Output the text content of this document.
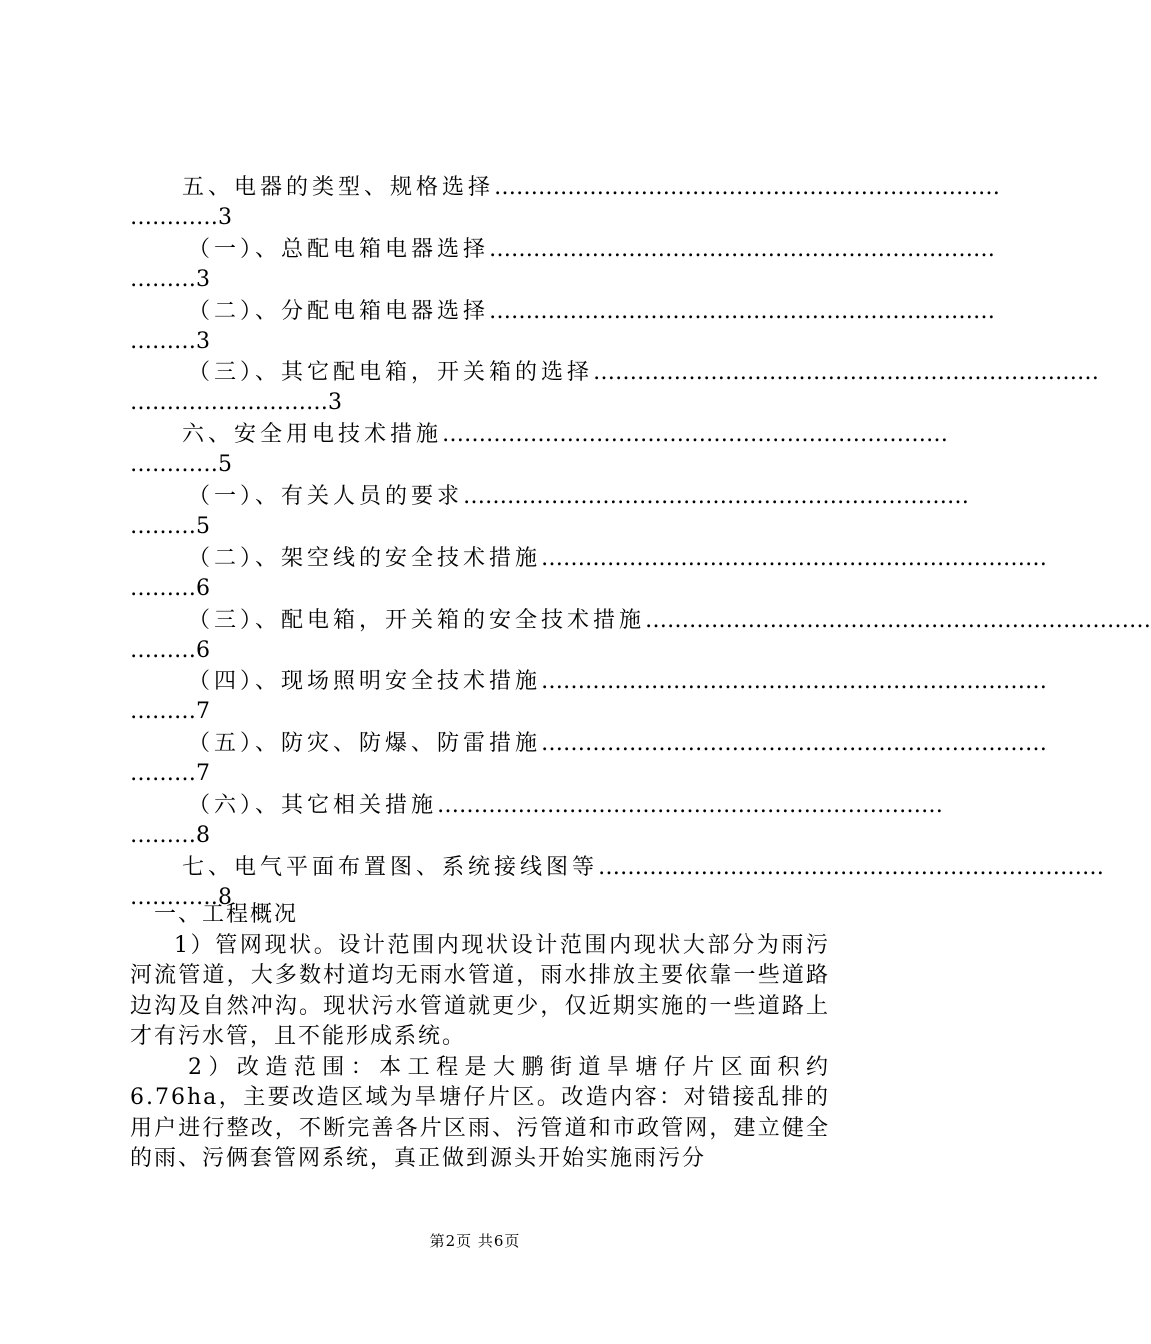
五、电器的类型、规格选择 ……………………………………………………………
…………3
（一）、总配电箱电器选择 ……………………………………………………………
………3
（二）、分配电箱电器选择 ……………………………………………………………
………3
（三）、其它配电箱，开关箱的选择 ……………………………………………………………
………………………3
六、安全用电技术措施 ……………………………………………………………
…………5
（一）、有关人员的要求 ……………………………………………………………
………5
（二）、架空线的安全技术措施 ……………………………………………………………
………6
（三）、配电箱，开关箱的安全技术措施 ……………………………………………………………
………6
（四）、现场照明安全技术措施 ……………………………………………………………
………7
（五）、防灾、防爆、防雷措施 ……………………………………………………………
………7
（六）、其它相关措施 ……………………………………………………………
………8
七、电气平面布置图、系统接线图等 ……………………………………………………………
…………8

一、工程概况

1）管网现状。设计范围内现状设计范围内现状大部分为雨污河流管道，大多数村道均无雨水管道，雨水排放主要依靠一些道路边沟及自然冲沟。现状污水管道就更少，仅近期实施的一些道路上才有污水管，且不能形成系统。

2）改造范围：本工程是大鹏街道旱塘仔片区面积约6.76ha，主要改造区域为旱塘仔片区。改造内容：对错接乱排的用户进行整改，不断完善各片区雨、污管道和市政管网，建立健全的雨、污俩套管网系统，真正做到源头开始实施雨污分

第2页 共6页
